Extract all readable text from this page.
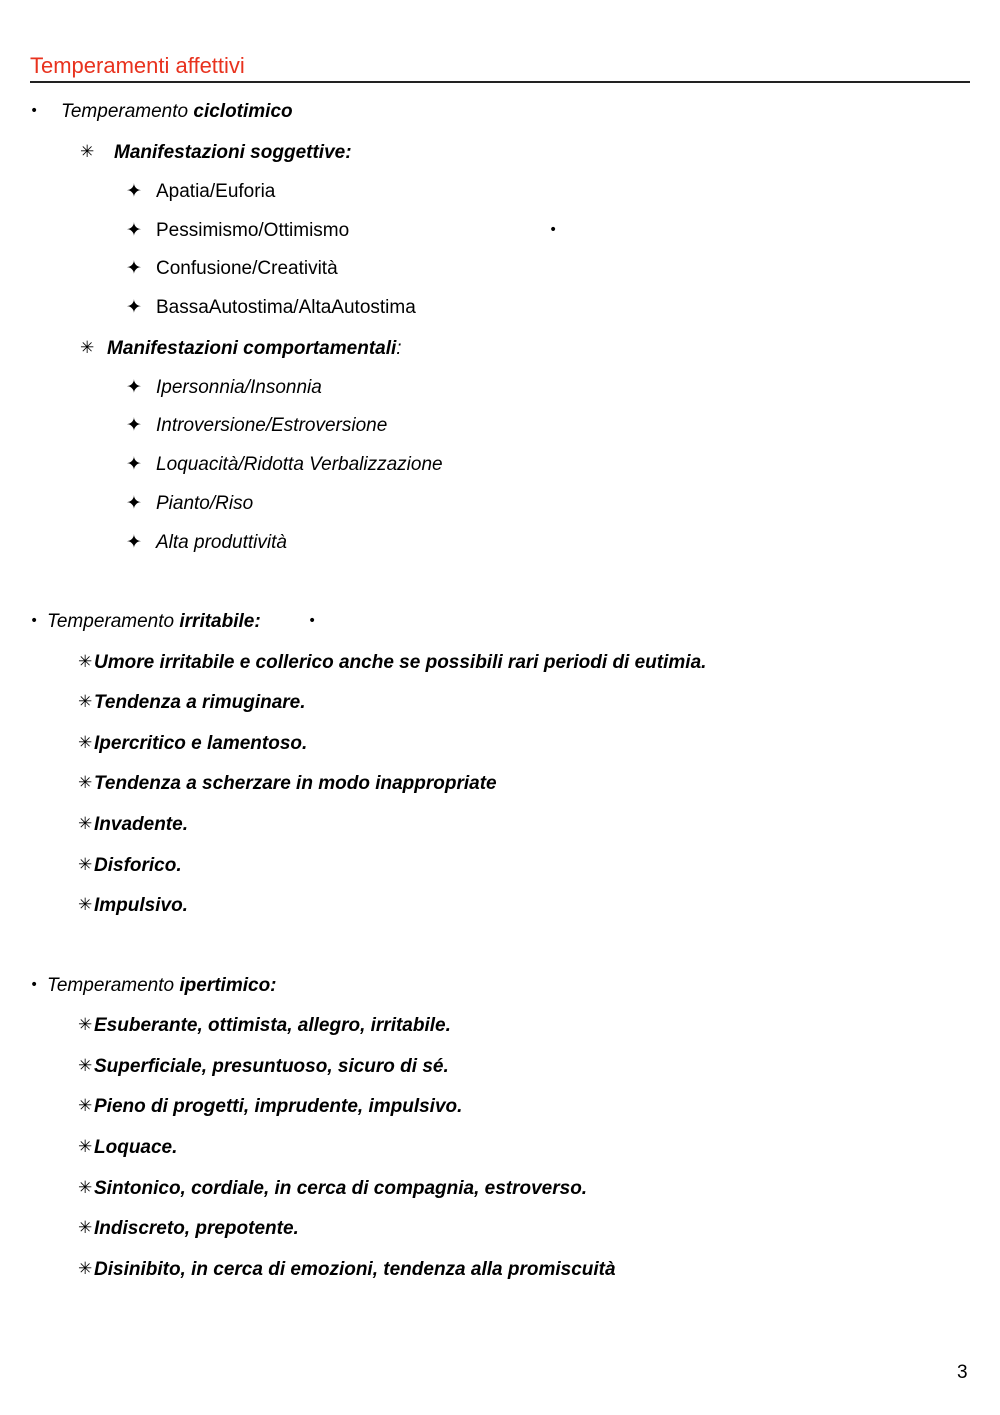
Temperamenti affettivi
• Temperamento ciclotimico
✳ Manifestazioni soggettive:
✦ Apatia/Euforia
✦ Pessimismo/Ottimismo	•
✦ Confusione/Creatività
✦ BassaAutostima/AltaAutostima
✳ Manifestazioni comportamentali:
✦ Ipersonnia/Insonnia
✦ Introversione/Estroversione
✦ Loquacità/Ridotta Verbalizzazione
✦ Pianto/Riso
✦ Alta produttività
• Temperamento irritabile:	•
✳ Umore irritabile e collerico anche se possibili rari periodi di eutimia.
✳ Tendenza a rimuginare.
✳ Ipercritico e lamentoso.
✳ Tendenza a scherzare in modo inappropriate
✳ Invadente.
✳ Disforico.
✳ Impulsivo.
• Temperamento ipertimico:
✳ Esuberante, ottimista, allegro, irritabile.
✳ Superficiale, presuntuoso, sicuro di sé.
✳ Pieno di progetti, imprudente, impulsivo.
✳ Loquace.
✳ Sintonico, cordiale, in cerca di compagnia, estroverso.
✳ Indiscreto, prepotente.
✳ Disinibito, in cerca di emozioni, tendenza alla promiscuità
3
